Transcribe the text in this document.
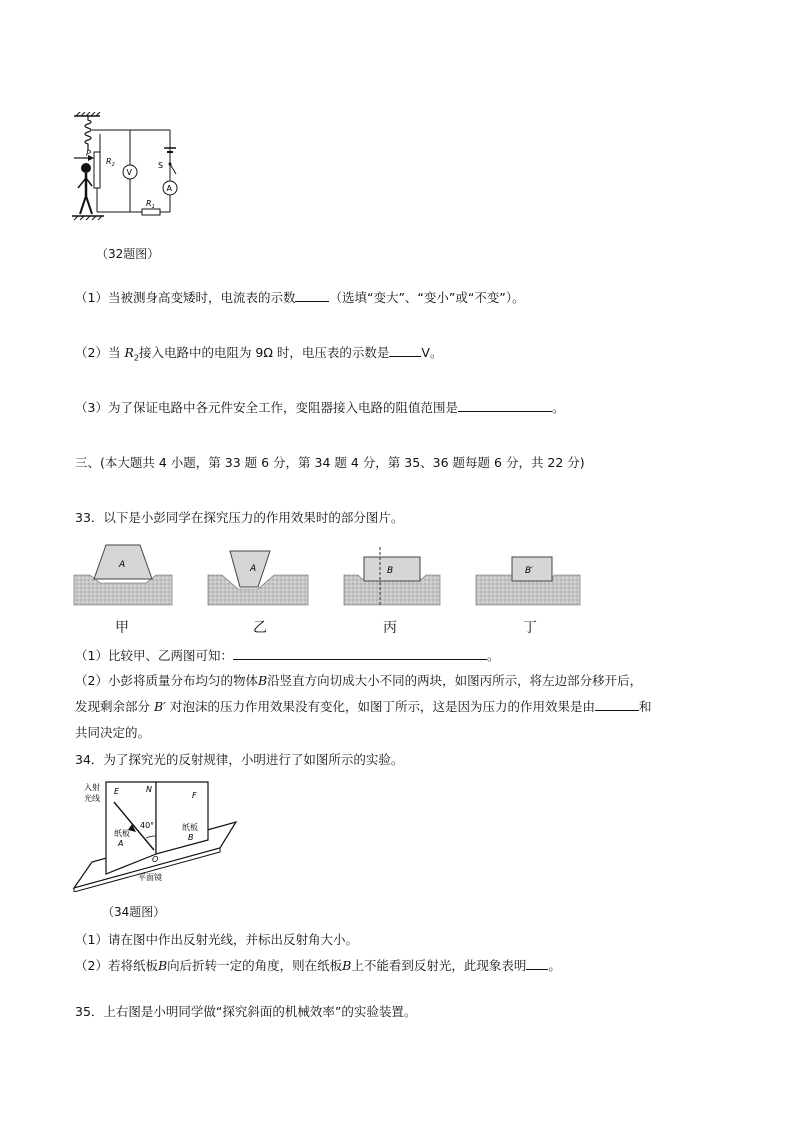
P
$R_2$
V
S
A
$R_1$
（32题图）
（1）当被测身高变矮时，电流表的示数	（选填“变大”、“变小”或“不变”）。
（2）当 $R_2$接入电路中的电阻为 9Ω 时，电压表的示数是	V。
（3）为了保证电路中各元件安全工作，变阻器接入电路的阻值范围是	。
三、(本大题共 4 小题，第 33 题 6 分，第 34 题 4 分，第 35、36 题每题 6 分，共 22 分)
33．以下是小彭同学在探究压力的作用效果时的部分图片。
A	A	B	B′
甲	乙	丙	丁
（1）比较甲、乙两图可知：	。
（2）小彭将质量分布均匀的物体B沿竖直方向切成大小不同的两块，如图丙所示，将左边部分移开后，
发现剩余部分 B′ 对泡沫的压力作用效果没有变化，如图丁所示，这是因为压力的作用效果是由	和
共同决定的。
34．为了探究光的反射规律，小明进行了如图所示的实验。
入射
光线
E	N
F
40°
纸板
A
纸板
B
O
平面镜
（34题图）
（1）请在图中作出反射光线，并标出反射角大小。
（2）若将纸板B向后折转一定的角度，则在纸板B上不能看到反射光，此现象表明 。
35．上右图是小明同学做“探究斜面的机械效率”的实验装置。
